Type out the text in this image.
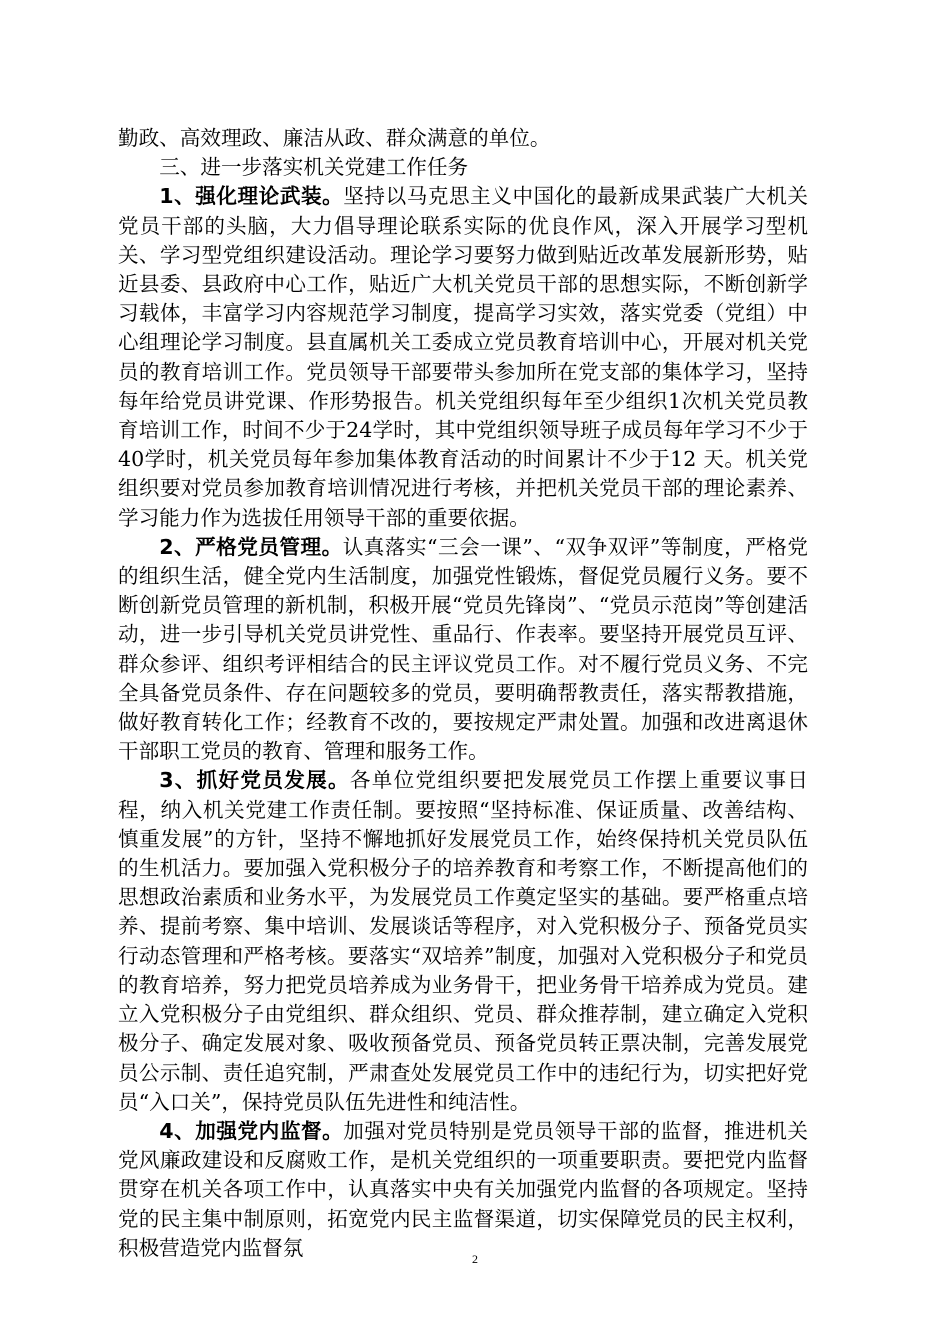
勤政、高效理政、廉洁从政、群众满意的单位。

三、进一步落实机关党建工作任务

1、强化理论武装。坚持以马克思主义中国化的最新成果武装广大机关党员干部的头脑，大力倡导理论联系实际的优良作风，深入开展学习型机关、学习型党组织建设活动。理论学习要努力做到贴近改革发展新形势，贴近县委、县政府中心工作，贴近广大机关党员干部的思想实际，不断创新学习载体，丰富学习内容规范学习制度，提高学习实效，落实党委（党组）中心组理论学习制度。县直属机关工委成立党员教育培训中心，开展对机关党员的教育培训工作。党员领导干部要带头参加所在党支部的集体学习，坚持每年给党员讲党课、作形势报告。机关党组织每年至少组织1次机关党员教育培训工作，时间不少于24学时，其中党组织领导班子成员每年学习不少于40学时，机关党员每年参加集体教育活动的时间累计不少于12 天。机关党组织要对党员参加教育培训情况进行考核，并把机关党员干部的理论素养、学习能力作为选拔任用领导干部的重要依据。

2、严格党员管理。认真落实“三会一课”、“双争双评”等制度，严格党的组织生活，健全党内生活制度，加强党性锻炼，督促党员履行义务。要不断创新党员管理的新机制，积极开展“党员先锋岗”、“党员示范岗”等创建活动，进一步引导机关党员讲党性、重品行、作表率。要坚持开展党员互评、群众参评、组织考评相结合的民主评议党员工作。对不履行党员义务、不完全具备党员条件、存在问题较多的党员，要明确帮教责任，落实帮教措施，做好教育转化工作；经教育不改的，要按规定严肃处置。加强和改进离退休干部职工党员的教育、管理和服务工作。

3、抓好党员发展。各单位党组织要把发展党员工作摆上重要议事日程，纳入机关党建工作责任制。要按照“坚持标准、保证质量、改善结构、慎重发展”的方针，坚持不懈地抓好发展党员工作，始终保持机关党员队伍的生机活力。要加强入党积极分子的培养教育和考察工作，不断提高他们的思想政治素质和业务水平，为发展党员工作奠定坚实的基础。要严格重点培养、提前考察、集中培训、发展谈话等程序，对入党积极分子、预备党员实行动态管理和严格考核。要落实“双培养”制度，加强对入党积极分子和党员的教育培养，努力把党员培养成为业务骨干，把业务骨干培养成为党员。建立入党积极分子由党组织、群众组织、党员、群众推荐制，建立确定入党积极分子、确定发展对象、吸收预备党员、预备党员转正票决制，完善发展党员公示制、责任追究制，严肃查处发展党员工作中的违纪行为，切实把好党员“入口关”，保持党员队伍先进性和纯洁性。

4、加强党内监督。加强对党员特别是党员领导干部的监督，推进机关党风廉政建设和反腐败工作，是机关党组织的一项重要职责。要把党内监督贯穿在机关各项工作中，认真落实中央有关加强党内监督的各项规定。坚持党的民主集中制原则，拓宽党内民主监督渠道，切实保障党员的民主权利，积极营造党内监督氛	2
